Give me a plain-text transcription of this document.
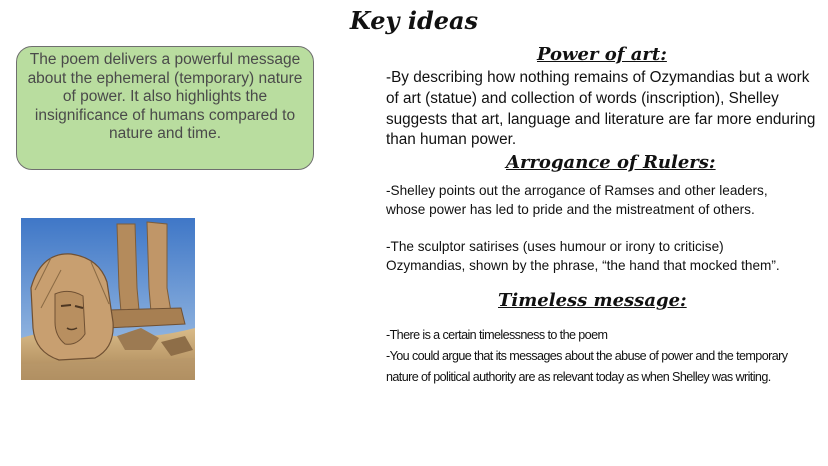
Key ideas
The poem delivers a powerful message about the ephemeral (temporary) nature of power. It also highlights the insignificance of humans compared to nature and time.
Power of art:
-By describing how nothing remains of Ozymandias but a work of art (statue) and collection of words (inscription), Shelley suggests that art, language and literature are far more enduring than human power.
Arrogance of Rulers:
-Shelley points out the arrogance of Ramses and other leaders, whose power has led to pride and the mistreatment of others.
-The sculptor satirises (uses humour or irony to criticise) Ozymandias, shown by the phrase, “the hand that mocked them”.
Timeless message:
-There is a certain timelessness to the poem
-You could argue that its messages about the abuse of power and the temporary nature of political authority are as relevant today as when Shelley was writing.
